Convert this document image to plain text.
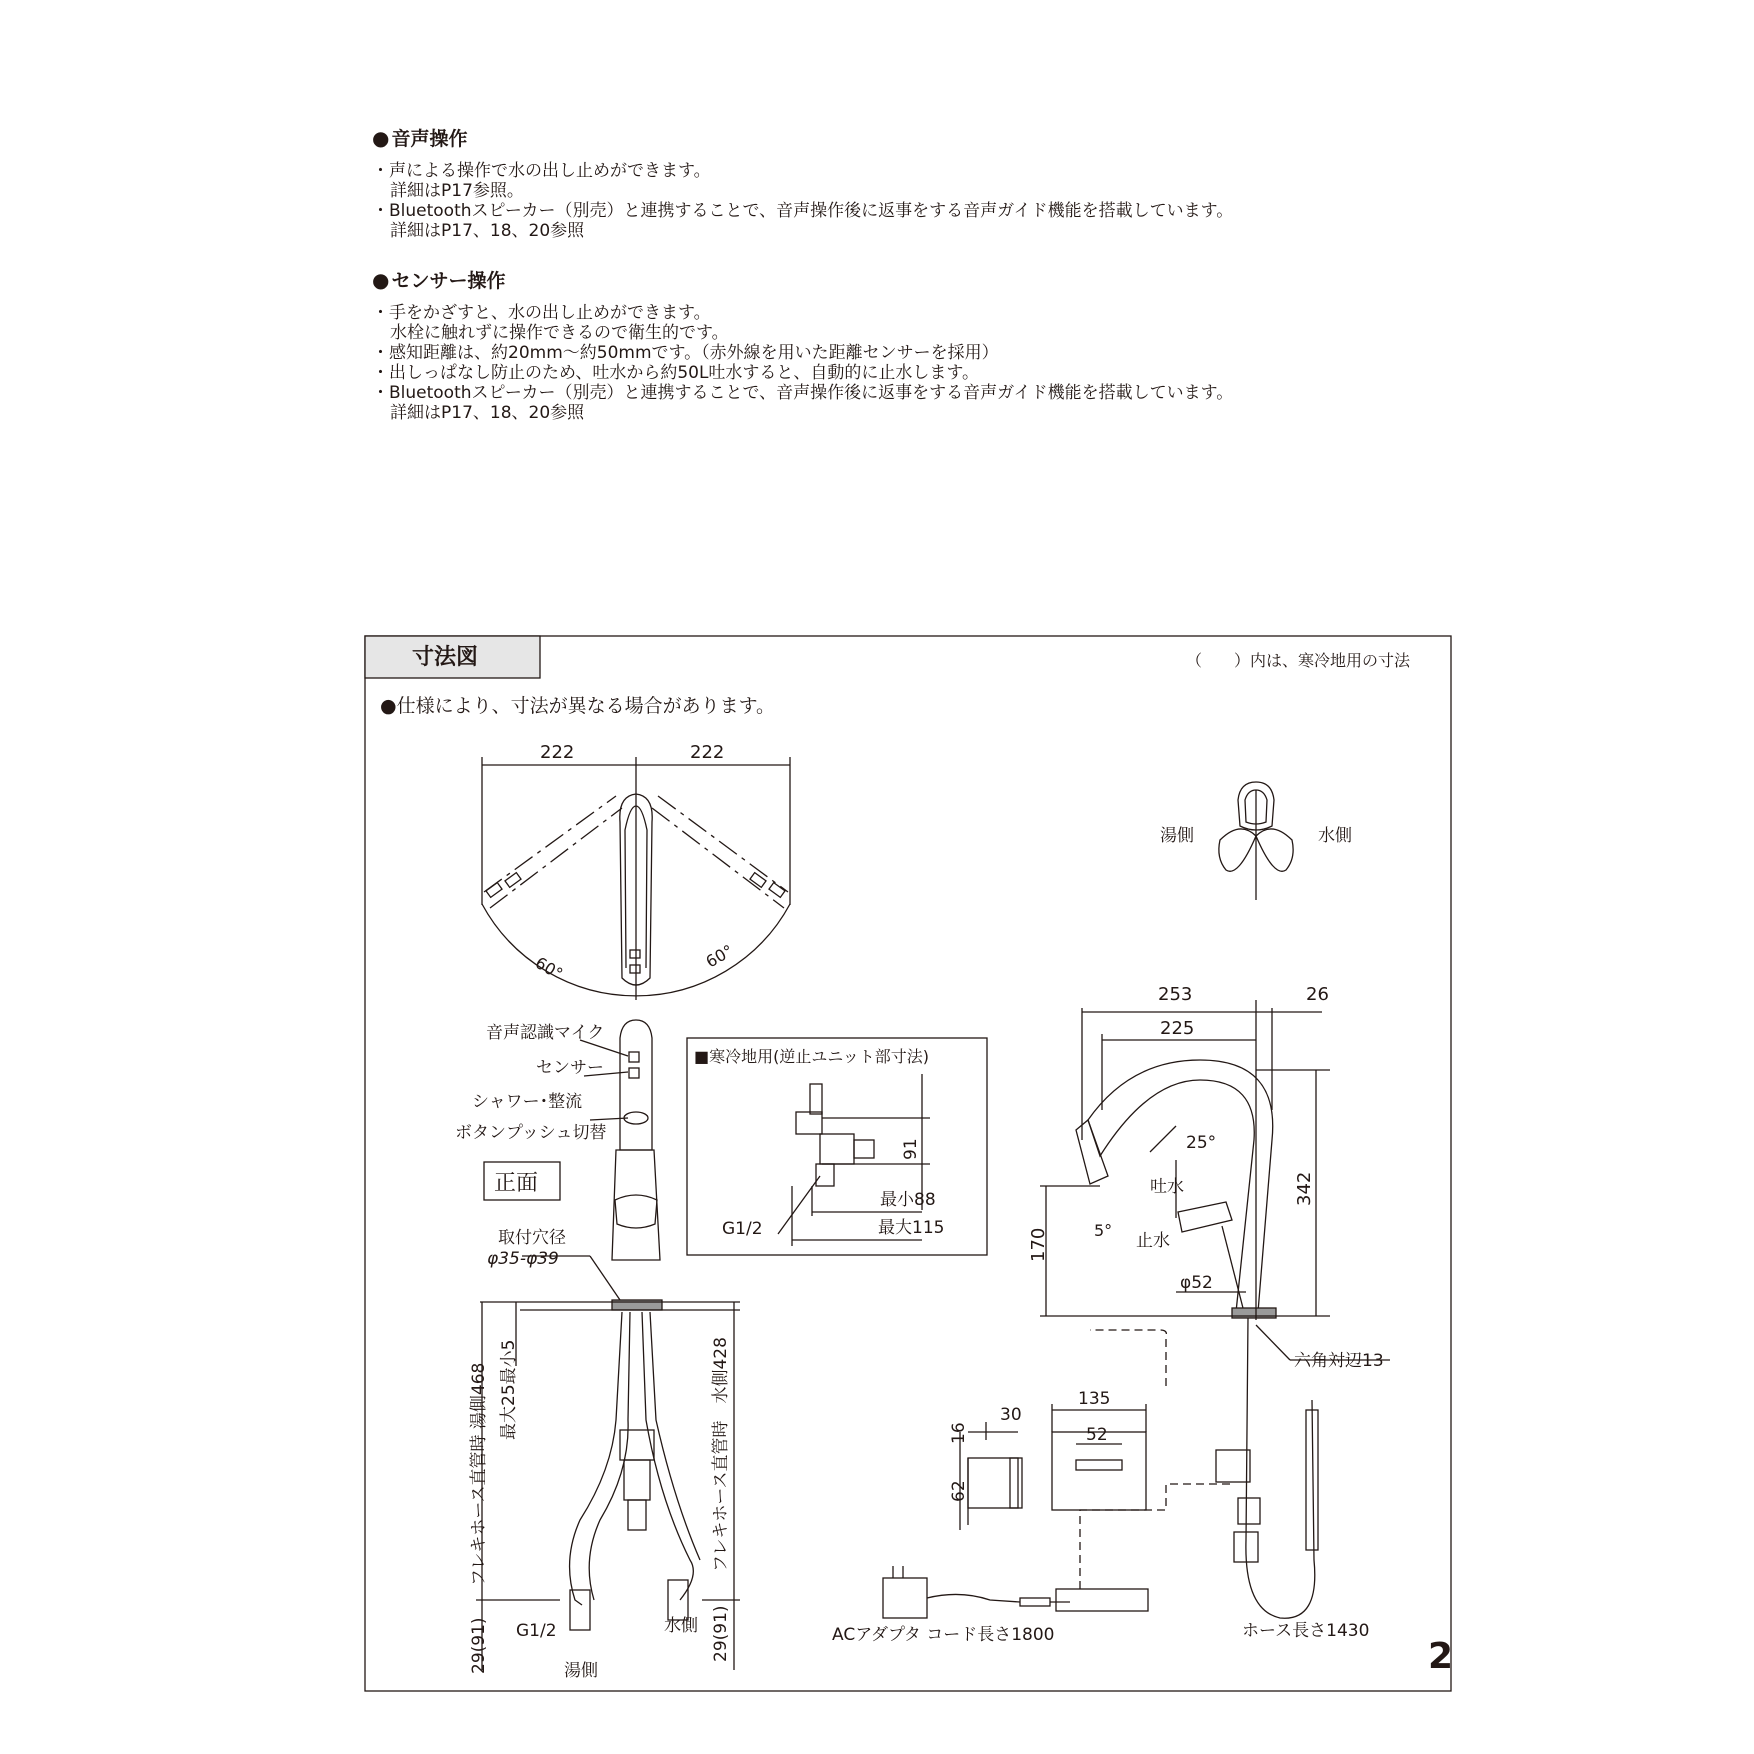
● 音声操作
・声による操作で水の出し止めができます。
詳細はP17参照。
・Bluetoothスピーカー（別売）と連携することで、音声操作後に返事をする音声ガイド機能を搭載しています。
詳細はP17、18、20参照
● センサー操作
・手をかざすと、水の出し止めができます。
水栓に触れずに操作できるので衛生的です。
・感知距離は、約20mm～約50mmです。（赤外線を用いた距離センサーを採用）
・出しっぱなし防止のため、吐水から約50L吐水すると、自動的に止水します。
・Bluetoothスピーカー（別売）と連携することで、音声操作後に返事をする音声ガイド機能を搭載しています。
詳細はP17、18、20参照
寸法図	（　　）内は、寒冷地用の寸法
●仕様により、寸法が異なる場合があります。
222	222
60°	60°
湯側	水側
音声認識マイク
センサー
シャワー･整流
ボタンプッシュ切替
正面
取付穴径
φ35-φ39
フレキホース直管時 湯側468 最大25最小5	フレキホース直管時　水側428
29(91)	29(91)
G1/2
湯側
水側
■寒冷地用(逆止ユニット部寸法)
91
最小88
最大115
G1/2
253	26
225
342
170
25°
5°
吐水
止水
φ52
六角対辺13
16
30
62
135
52
ACアダプタ コード長さ1800	ホース長さ1430
2
